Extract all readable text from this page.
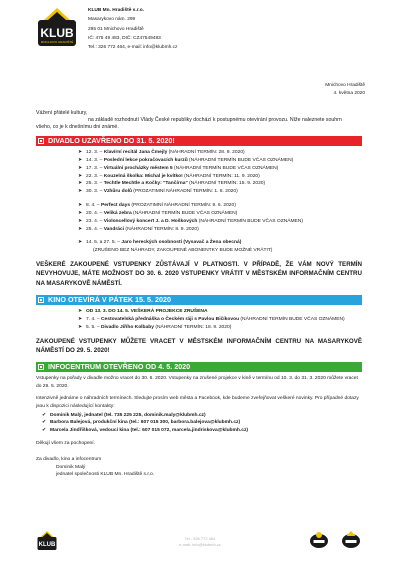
KLUB
MNICHOVO HRADIŠTĚ
KLUB Mn. Hradiště s.r.o.
Masarykovo nám. 299
295 01 Mnichovo Hradiště
IČ: 475 49 483, DIČ: CZ47549483
Tel.: 326 772 464, e-mail: info@klubmh.cz
Mnichovo Hradiště
4. května 2020

Vážení přátelé kultury,

na základě rozhodnutí Vlády České republiky dochází k postupnému otevírání provozu. Níže naleznete souhrn

všeho, co je k dnešnímu dni známé.

DIVADLO UZAVŘENO DO 31. 5. 2020!
➤ 12. 3. – Klavírní recitál Jana Čmejly (NÁHRADNÍ TERMÍN: 28. 9. 2020)
➤ 14. 3. – Poslední lekce pokračovacích kurzů (NÁHRADNÍ TERMÍN BUDE VČAS OZNÁMEN)
➤ 17. 3. – Virtuální procházky městem 5 (NÁHRADNÍ TERMÍN BUDE VČAS OZNÁMEN)
➤ 22. 3. – Kouzelná školka: Michal je kvítko! (NÁHRADNÍ TERMÍN: 11. 9. 2020)
➤ 25. 3. – Techtle Mechtle a Kočky: "Tančírna" (NÁHRADNÍ TERMÍN: 15. 9. 2020)
➤ 30. 3. – Vzhůru dolů (PROZATIMNÍ NÁHRADNÍ TERMÍN: 1. 6. 2020)
➤ 8. 4. – Perfect days (PROZATIMNÍ NÁHRADNÍ TERMÍN: 9. 6. 2020)
➤ 20. 4. – Veliká zebra (NÁHRADNÍ TERMÍN BUDE VČAS OZNÁMEN)
➤ 23. 4. – Violoncellový koncert J. a D. Hoškových (NÁHRADNÍ TERMÍN BUDE VČAS OZNÁMEN)
➤ 25. 4. – Vandráci (NÁHRADNÍ TERMÍN: 8. 9. 2020)
➤ 14. 5. a 27. 5. – Jaro hereckých osobností (Vysavač a Žena obecná)
(ZRUŠENO BEZ NÁHRADY, ZAKOUPENÉ ABONENTKY BUDE MOŽNÉ VRÁTIT)

VEŠKERÉ ZAKOUPENÉ VSTUPENKY ZŮSTÁVAJÍ V PLATNOSTI. V PŘÍPADĚ, ŽE VÁM NOVÝ TERMÍN NEVYHOVUJE, MÁTE MOŽNOST DO 30. 6. 2020 VSTUPENKY VRÁTIT V MĚSTSKÉM INFORMAČNÍM CENTRU NA MASARYKOVĚ NÁMĚSTÍ.

KINO OTEVÍRÁ V PÁTEK 15. 5. 2020
➤ OD 13. 3. DO 14. 5. VEŠKERÁ PROJEKCE ZRUŠENA
➤ 7. 4. – Cestovatelská přednáška o Čeckém ráji s Pavlou Bičíkovou (NÁHRADNÍ TERMÍN BUDE VČAS OZNÁMEN)
➤ 5. 5. – Divadlo Jiřího Kolbaby (NÁHRADNÍ TERMÍN: 18. 9. 2020)

ZAKOUPENÉ VSTUPENKY MŮŽETE VRACET V MĚSTSKÉM INFORMAČNÍM CENTRU NA MASARYKOVĚ NÁMĚSTÍ DO 29. 5. 2020!

INFOCENTRUM OTEVŘENO OD 4. 5. 2020

Vstupenky na pořady v divadle možno vracet do 30. 6. 2020. Vstupenky na zrušené projekce v kině v termínu od 10. 3. do 31. 3. 2020 můžete vracet do 29. 5. 2020.

Intenzivně jednáme o náhradních termínech. Sledujte prosím web města a Facebook, kde budeme zveřejňovat veškeré novinky. Pro případné dotazy jsou k dispozici následující kontakty:

✔ Dominik Malý, jednatel (tel. 735 225 225, dominik.maly@klubmh.cz)
✔ Barbora Balejová, produkční kina (tel.: 607 015 300, barbora.balejova@klubmh.cz)
✔ Marcela Jindřišková, vedoucí kina (tel.: 607 015 072, marcela.jindriskova@klubmh.cz)

Děkují všem za pochopení.

Za divadlo, kino a infocentrum

Dominik Malý

jednatel společnosti KLUB Mn. Hradiště s.r.o.

KLUB
Tel.: 326 772 464
e-mail: info@klubmh.cz
